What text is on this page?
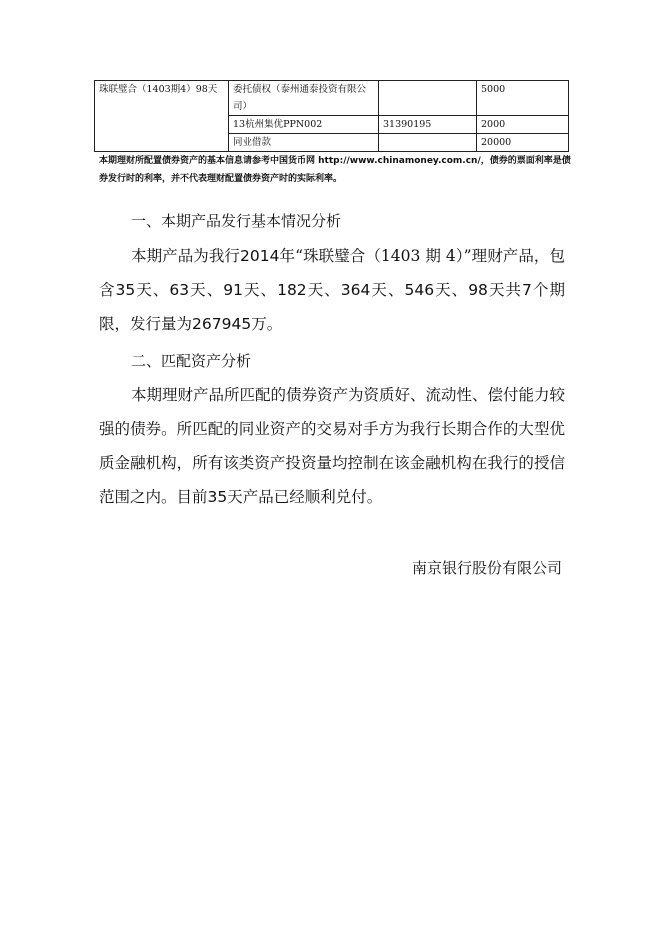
珠联璧合（1403期4）98天	委托债权（泰州通泰投资有限公司）		5000
	13杭州集优PPN002	31390195	2000
	同业借款		20000
本期理财所配置债券资产的基本信息请参考中国货币网 http://www.chinamoney.com.cn/，债券的票面利率是债券发行时的利率，并不代表理财配置债券资产时的实际利率。
一、本期产品发行基本情况分析
本期产品为我行2014年“珠联璧合（1403 期 4）”理财产品，包含35天、63天、91天、182天、364天、546天、98天共7个期限，发行量为267945万。
二、匹配资产分析
本期理财产品所匹配的债券资产为资质好、流动性、偿付能力较强的债券。所匹配的同业资产的交易对手方为我行长期合作的大型优质金融机构，所有该类资产投资量均控制在该金融机构在我行的授信范围之内。目前35天产品已经顺利兑付。
南京银行股份有限公司
